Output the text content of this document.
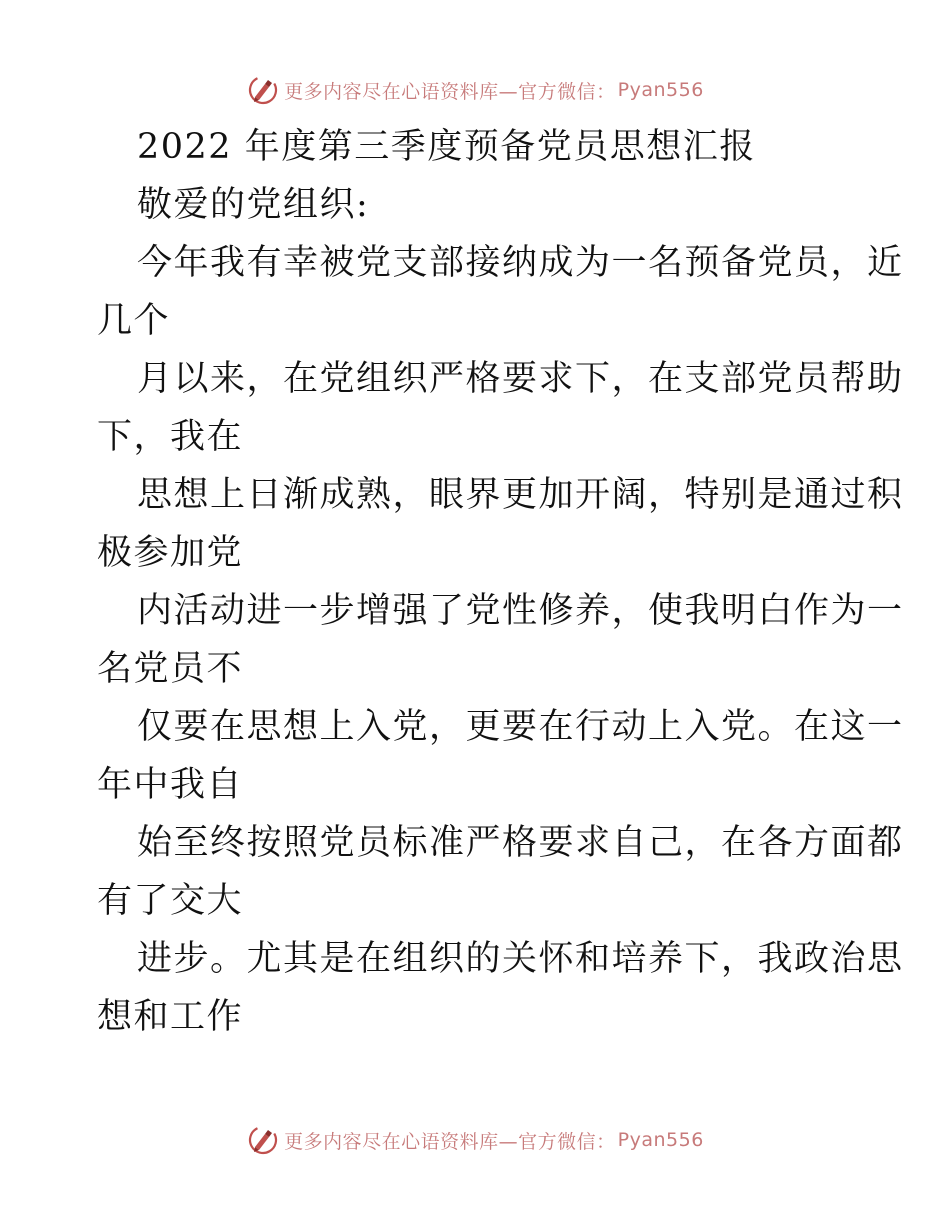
更多内容尽在心语资料库—官方微信： Pyan556
2022 年度第三季度预备党员思想汇报
敬爱的党组织:
今年我有幸被党支部接纳成为一名预备党员，近
几个
月以来，在党组织严格要求下，在支部党员帮助
下，我在
思想上日渐成熟，眼界更加开阔，特别是通过积
极参加党
内活动进一步增强了党性修养，使我明白作为一
名党员不
仅要在思想上入党，更要在行动上入党。在这一
年中我自
始至终按照党员标准严格要求自己，在各方面都
有了交大
进步。尤其是在组织的关怀和培养下，我政治思
想和工作
更多内容尽在心语资料库—官方微信： Pyan556
